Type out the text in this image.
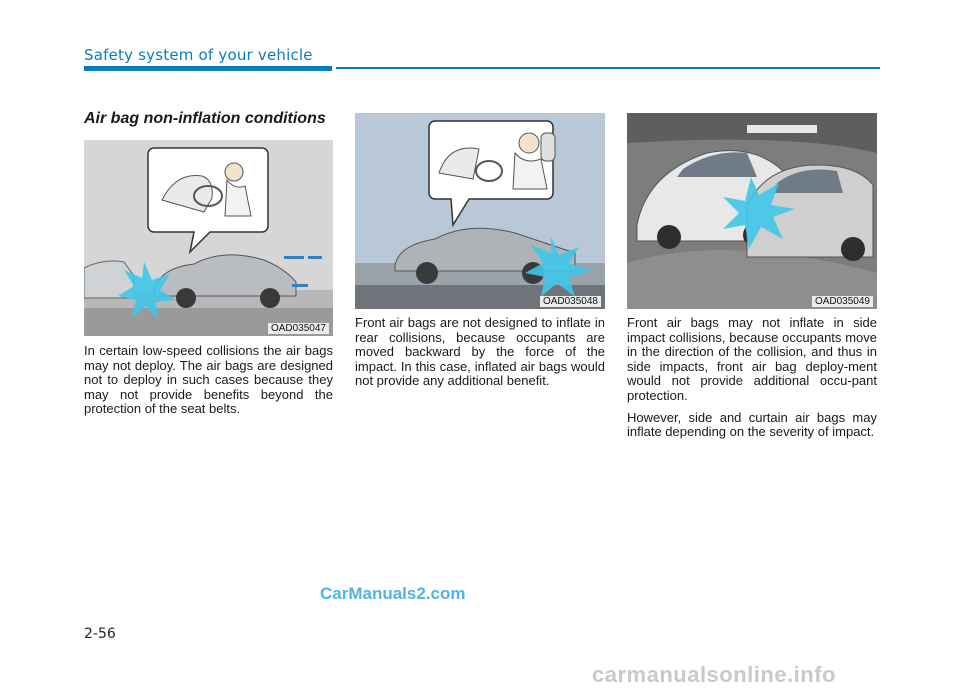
Safety system of your vehicle
Air bag non-inflation conditions
OAD035047

In certain low-speed collisions the air bags may not deploy. The air bags are designed not to deploy in such cases because they may not provide benefits beyond the protection of the seat belts.

OAD035048

Front air bags are not designed to inflate in rear collisions, because occupants are moved backward by the force of the impact. In this case, inflated air bags would not provide any additional benefit.

OAD035049

Front air bags may not inflate in side impact collisions, because occupants move in the direction of the collision, and thus in side impacts, front air bag deploy-ment would not provide additional occu-pant protection.

However, side and curtain air bags may inflate depending on the severity of impact.

CarManuals2.com
2-56
carmanualsonline.info
